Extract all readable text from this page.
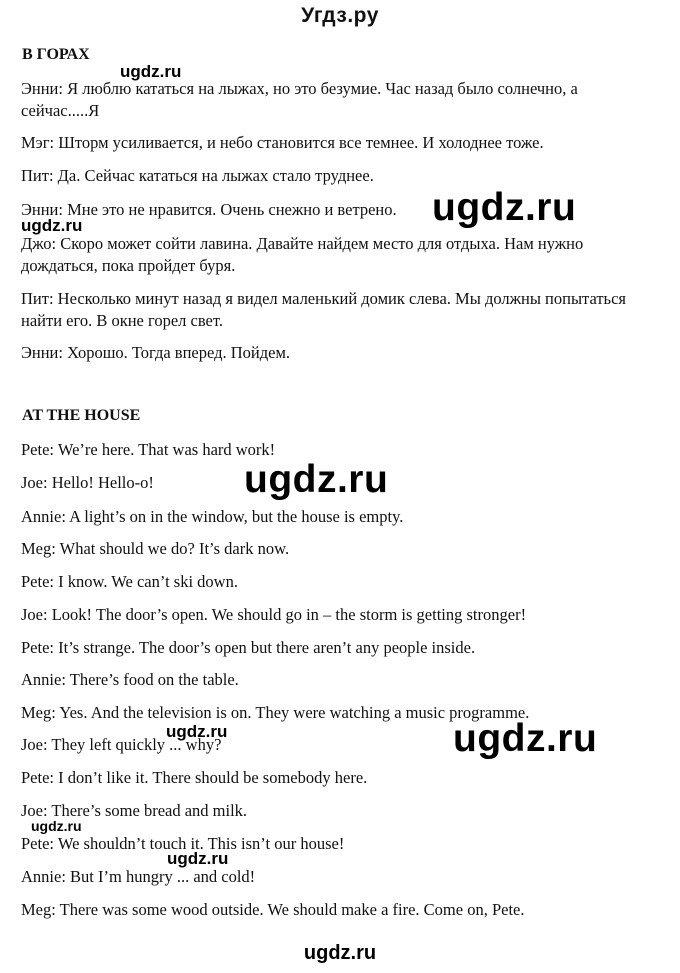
Угдз.ру
В ГОРАХ

Энни: Я люблю кататься на лыжах, но это безумие. Час назад было солнечно, а сейчас.....Я

Мэг: Шторм усиливается, и небо становится все темнее. И холоднее тоже.

Пит: Да. Сейчас кататься на лыжах стало труднее.

Энни: Мне это не нравится. Очень снежно и ветрено.

Джо: Скоро может сойти лавина. Давайте найдем место для отдыха. Нам нужно дождаться, пока пройдет буря.

Пит: Несколько минут назад я видел маленький домик слева. Мы должны попытаться найти его. В окне горел свет.

Энни: Хорошо. Тогда вперед. Пойдем.

AT THE HOUSE

Pete: We’re here. That was hard work!

Joe: Hello! Hello-o!

Annie: A light’s on in the window, but the house is empty.

Meg: What should we do? It’s dark now.

Pete: I know. We can’t ski down.

Joe: Look! The door’s open. We should go in – the storm is getting stronger!

Pete: It’s strange. The door’s open but there aren’t any people inside.

Annie: There’s food on the table.

Meg: Yes. And the television is on. They were watching a music programme.

Joe: They left quickly ... why?

Pete: I don’t like it. There should be somebody here.

Joe: There’s some bread and milk.

Pete: We shouldn’t touch it. This isn’t our house!

Annie: But I’m hungry ... and cold!

Meg: There was some wood outside. We should make a fire. Come on, Pete.

ugdz.ru
ugdz.ru
ugdz.ru
ugdz.ru
ugdz.ru	ugdz.ru
ugdz.ru
ugdz.ru
ugdz.ru
